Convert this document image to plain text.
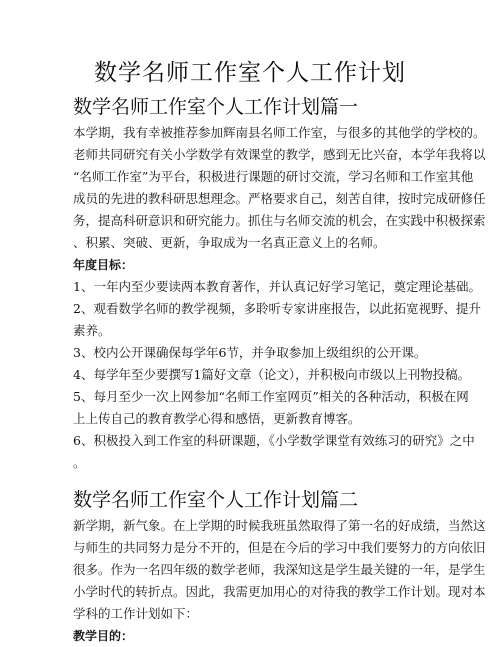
数学名师工作室个人工作计划
数学名师工作室个人工作计划篇一
本学期，我有幸被推荐参加辉南县名师工作室，与很多的其他学的学校的。
老师共同研究有关小学数学有效课堂的教学，感到无比兴奋，本学年我将以
“名师工作室”为平台，积极进行课题的研讨交流，学习名师和工作室其他
成员的先进的教科研思想理念。严格要求自己，刻苦自律，按时完成研修任
务，提高科研意识和研究能力。抓住与名师交流的机会，在实践中积极探索
、积累、突破、更新，争取成为一名真正意义上的名师。
年度目标：
1、一年内至少要读两本教育著作，并认真记好学习笔记，奠定理论基础。
2、观看数学名师的教学视频，多聆听专家讲座报告，以此拓宽视野、提升
素养。
3、校内公开课确保每学年6节，并争取参加上级组织的公开课。
4、每学年至少要撰写1篇好文章（论文），并积极向市级以上刊物投稿。
5、每月至少一次上网参加“名师工作室网页”相关的各种活动，积极在网
上上传自己的教育教学心得和感悟，更新教育博客。
6、积极投入到工作室的科研课题，《小学数学课堂有效练习的研究》之中
。
数学名师工作室个人工作计划篇二
新学期，新气象。在上学期的时候我班虽然取得了第一名的好成绩，当然这
与师生的共同努力是分不开的，但是在今后的学习中我们要努力的方向依旧
很多。作为一名四年级的数学老师，我深知这是学生最关键的一年，是学生
小学时代的转折点。因此，我需更加用心的对待我的教学工作计划。现对本
学科的工作计划如下：
教学目的：
